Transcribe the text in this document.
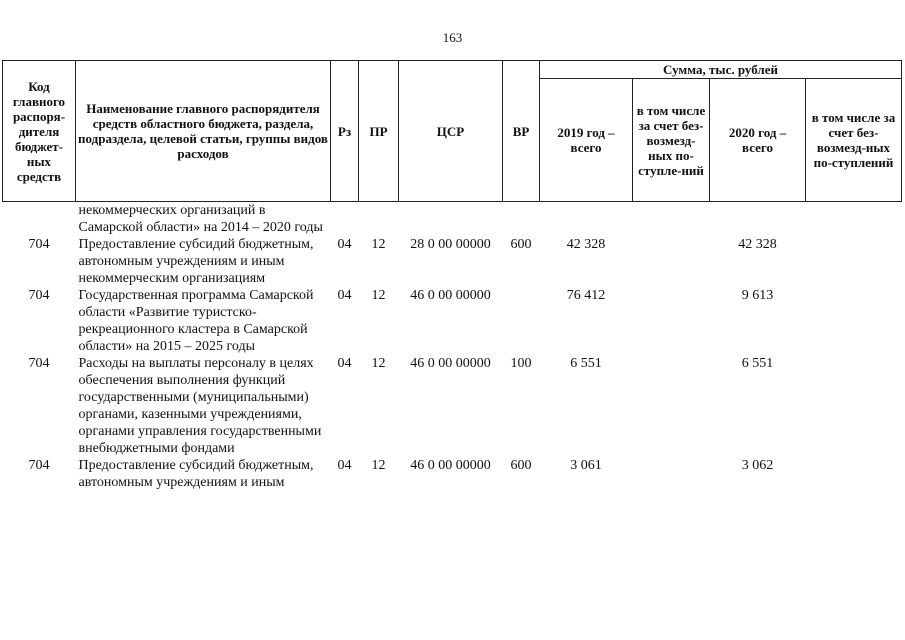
163
Код главного распоря-дителя бюджет-ных средств	Наименование главного распорядителя средств областного бюджета, раздела, подраздела, целевой статьи, группы видов расходов	Рз	ПР	ЦСР	ВР	Сумма, тыс. рублей			
						2019 год – всего	в том числе за счет без-возмезд-ных по-ступле-ний	2020 год – всего	в том числе за счет без-возмезд-ных по-ступлений
	некоммерческих организаций в Самарской области» на 2014 – 2020 годы								
704	Предоставление субсидий бюджетным, автономным учреждениям и иным некоммерческим организациям	04	12	28 0 00 00000	600	42 328		42 328	
704	Государственная программа Самарской области «Развитие туристско-рекреационного кластера в Самарской области» на 2015 – 2025 годы	04	12	46 0 00 00000		76 412		9 613	
704	Расходы на выплаты персоналу в целях обеспечения выполнения функций государственными (муниципальными) органами, казенными учреждениями, органами управления государственными внебюджетными фондами	04	12	46 0 00 00000	100	6 551		6 551	
704	Предоставление субсидий бюджетным, автономным учреждениям и иным	04	12	46 0 00 00000	600	3 061		3 062	
